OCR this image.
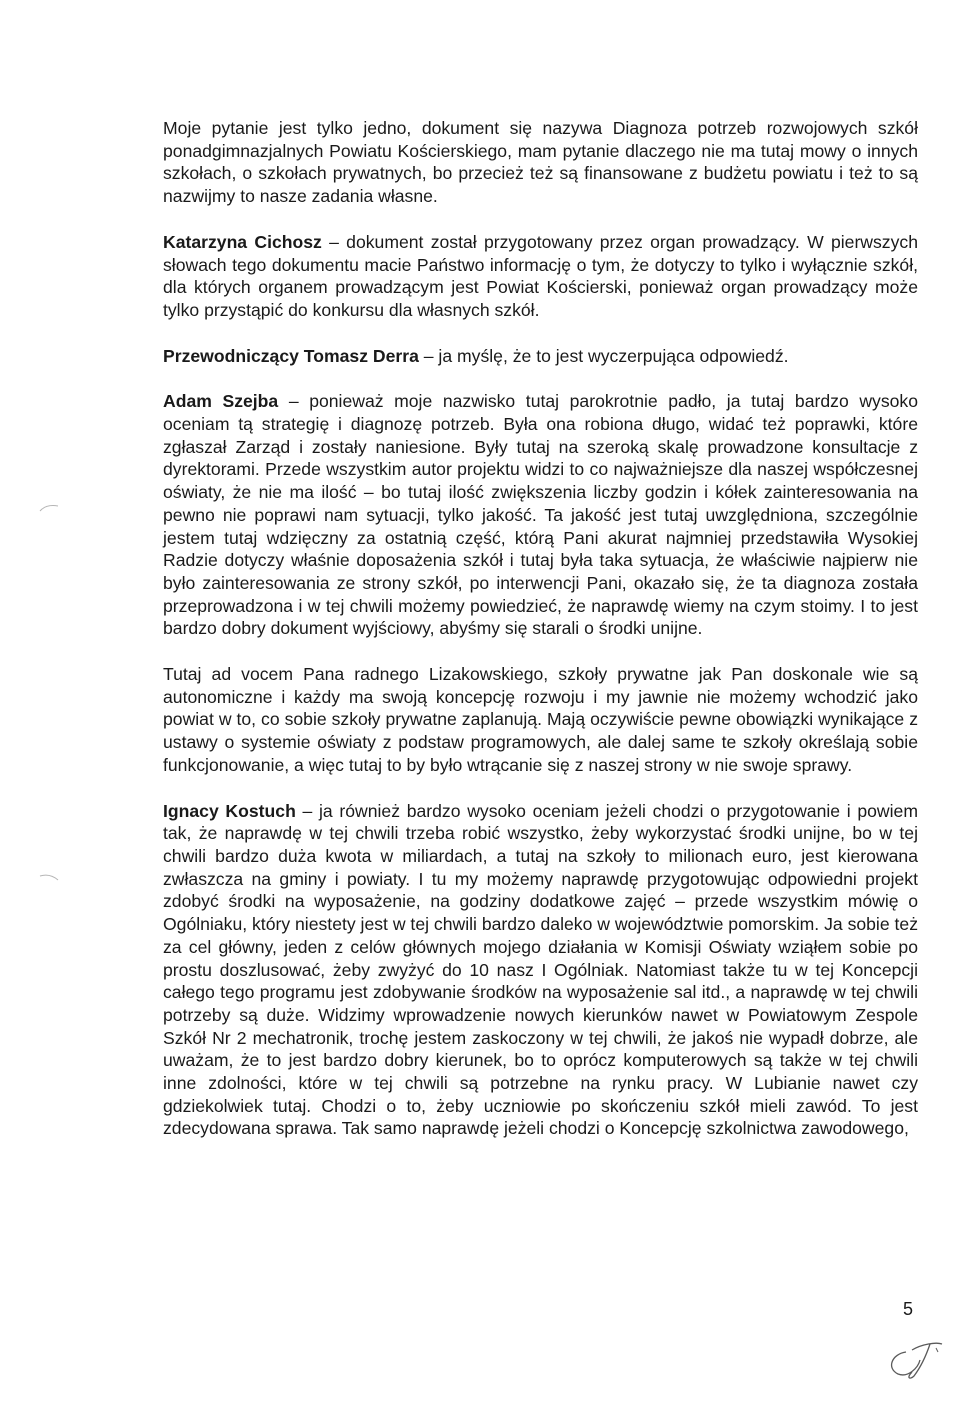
Moje pytanie jest tylko jedno, dokument się nazywa Diagnoza potrzeb rozwojowych szkół ponadgimnazjalnych Powiatu Kościerskiego, mam pytanie dlaczego nie ma tutaj mowy o innych szkołach, o szkołach prywatnych, bo przecież też są finansowane z budżetu powiatu i też to są nazwijmy to nasze zadania własne.

Katarzyna Cichosz – dokument został przygotowany przez organ prowadzący. W pierwszych słowach tego dokumentu macie Państwo informację o tym, że dotyczy to tylko i wyłącznie szkół, dla których organem prowadzącym jest Powiat Kościerski, ponieważ organ prowadzący może tylko przystąpić do konkursu dla własnych szkół.

Przewodniczący Tomasz Derra – ja myślę, że to jest wyczerpująca odpowiedź.

Adam Szejba – ponieważ moje nazwisko tutaj parokrotnie padło, ja tutaj bardzo wysoko oceniam tą strategię i diagnozę potrzeb. Była ona robiona długo, widać też poprawki, które zgłaszał Zarząd i zostały naniesione. Były tutaj na szeroką skalę prowadzone konsultacje z dyrektorami. Przede wszystkim autor projektu widzi to co najważniejsze dla naszej współczesnej oświaty, że nie ma ilość – bo tutaj ilość zwiększenia liczby godzin i kółek zainteresowania na pewno nie poprawi nam sytuacji, tylko jakość. Ta jakość jest tutaj uwzględniona, szczególnie jestem tutaj wdzięczny za ostatnią część, którą Pani akurat najmniej przedstawiła Wysokiej Radzie dotyczy właśnie doposażenia szkół i tutaj była taka sytuacja, że właściwie najpierw nie było zainteresowania ze strony szkół, po interwencji Pani, okazało się, że ta diagnoza została przeprowadzona i w tej chwili możemy powiedzieć, że naprawdę wiemy na czym stoimy. I to jest bardzo dobry dokument wyjściowy, abyśmy się starali o środki unijne.

Tutaj ad vocem Pana radnego Lizakowskiego, szkoły prywatne jak Pan doskonale wie są autonomiczne i każdy ma swoją koncepcję rozwoju i my jawnie nie możemy wchodzić jako powiat w to, co sobie szkoły prywatne zaplanują. Mają oczywiście pewne obowiązki wynikające z ustawy o systemie oświaty z podstaw programowych, ale dalej same te szkoły określają sobie funkcjonowanie, a więc tutaj to by było wtrącanie się z naszej strony w nie swoje sprawy.

Ignacy Kostuch – ja również bardzo wysoko oceniam jeżeli chodzi o przygotowanie i powiem tak, że naprawdę w tej chwili trzeba robić wszystko, żeby wykorzystać środki unijne, bo w tej chwili bardzo duża kwota w miliardach, a tutaj na szkoły to milionach euro, jest kierowana zwłaszcza na gminy i powiaty. I tu my możemy naprawdę przygotowując odpowiedni projekt zdobyć środki na wyposażenie, na godziny dodatkowe zajęć – przede wszystkim mówię o Ogólniaku, który niestety jest w tej chwili bardzo daleko w województwie pomorskim. Ja sobie też za cel główny, jeden z celów głównych mojego działania w Komisji Oświaty wziąłem sobie po prostu doszlusować, żeby zwyżyć do 10 nasz I Ogólniak. Natomiast także tu w tej Koncepcji całego tego programu jest zdobywanie środków na wyposażenie sal itd., a naprawdę w tej chwili potrzeby są duże. Widzimy wprowadzenie nowych kierunków nawet w Powiatowym Zespole Szkół Nr 2 mechatronik, trochę jestem zaskoczony w tej chwili, że jakoś nie wypadł dobrze, ale uważam, że to jest bardzo dobry kierunek, bo to oprócz komputerowych są także w tej chwili inne zdolności, które w tej chwili są potrzebne na rynku pracy. W Lubianie nawet czy gdziekolwiek tutaj. Chodzi o to, żeby uczniowie po skończeniu szkół mieli zawód. To jest zdecydowana sprawa. Tak samo naprawdę jeżeli chodzi o Koncepcję szkolnictwa zawodowego,

5
